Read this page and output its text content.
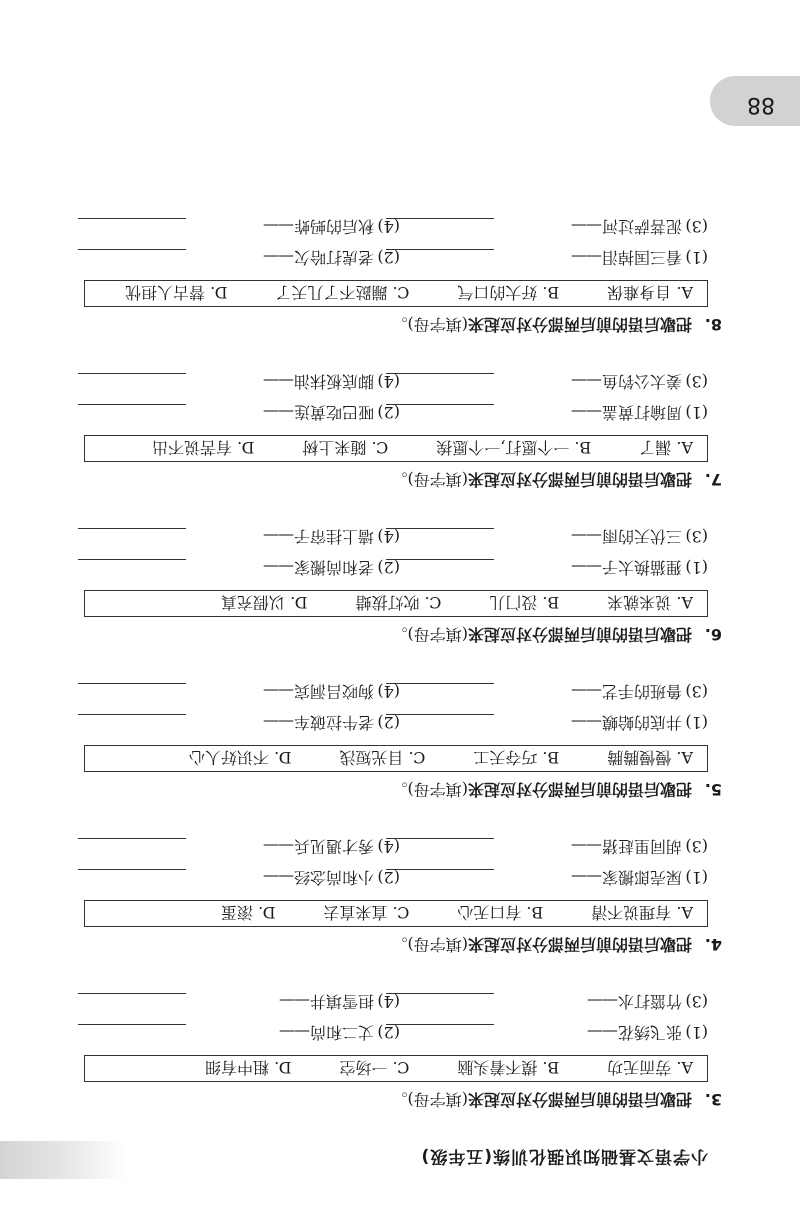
小学语文基础知识强化训练(五年级)
88
3.把歇后语的前后两部分对应起来(填字母)。
A. 劳而无功
B. 摸不着头脑
C. 一场空
D. 粗中有细
(1)张飞绣花——
(2)丈二和尚——
(3)竹篮打水——
(4)担雪填井——
4.把歇后语的前后两部分对应起来(填字母)。
A. 有理说不清
B. 有口无心
C. 直来直去
D. 滚蛋
(1)屎壳郎搬家——
(2)小和尚念经——
(3)胡同里赶猪——
(4)秀才遇见兵——
5.把歇后语的前后两部分对应起来(填字母)。
A. 慢慢腾腾
B. 巧夺天工
C. 目光短浅
D. 不识好人心
(1)井底的蛤蟆——
(2)老牛拉破车——
(3)鲁班的手艺——
(4)狗咬吕洞宾——
6.把歇后语的前后两部分对应起来(填字母)。
A. 说来就来
B. 没门儿
C. 吹灯拔蜡
D. 以假充真
(1)狸猫换太子——
(2)老和尚搬家——
(3)三伏天的雨——
(4)墙上挂帘子——
7.把歇后语的前后两部分对应起来(填字母)。
A. 漏了
B. 一个愿打,一个愿挨
C. 随来上树
D. 有苦说不出
(1)周瑜打黄盖——
(2)哑巴吃黄连——
(3)姜太公钓鱼——
(4)脚底板抹油——
8.把歇后语的前后两部分对应起来(填字母)。
A. 自身难保
B. 好大的口气
C. 蹦跶不了几天了
D. 替古人担忧
(1)看三国掉泪——
(2)老虎打哈欠——
(3)泥菩萨过河——
(4)秋后的蚂蚱——
